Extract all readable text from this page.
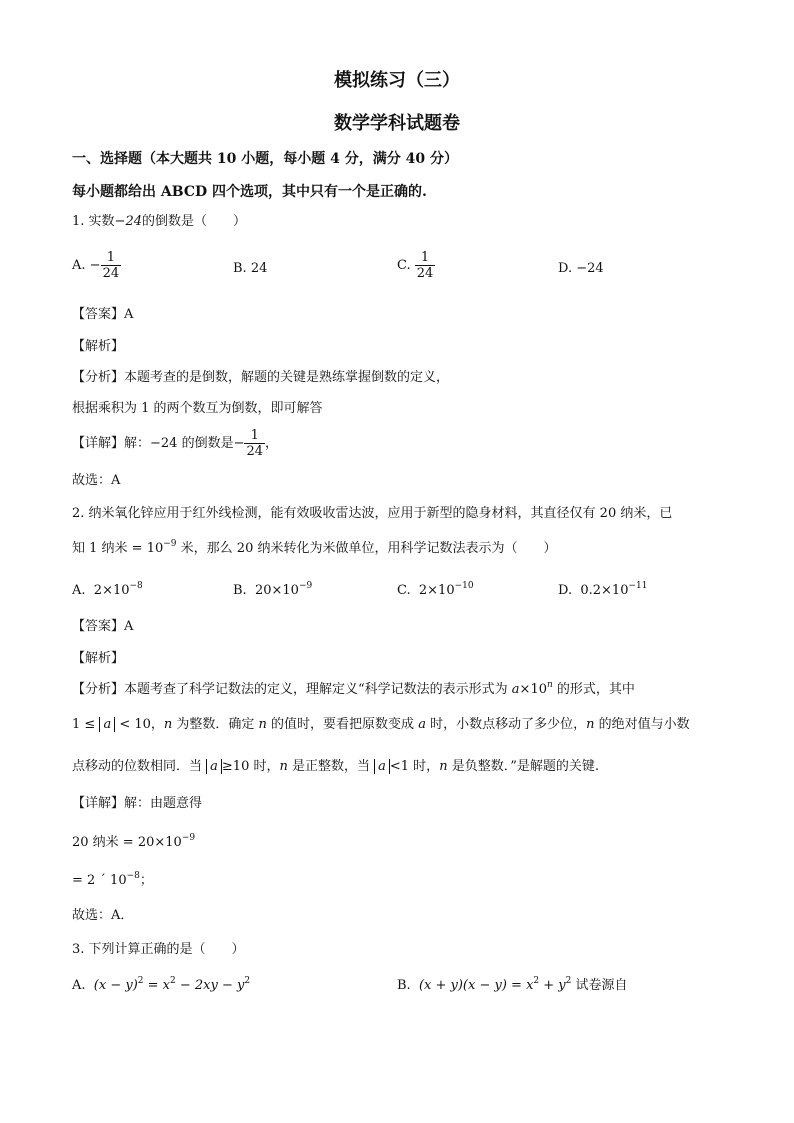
模拟练习（三）
数学学科试题卷
一、选择题（本大题共 10 小题，每小题 4 分，满分 40 分）
每小题都给出 ABCD 四个选项，其中只有一个是正确的.
1. 实数−24的倒数是（　　）
A. − $\frac{1}{24}$	B. 24	C. $\frac{1}{24}$	D. −24
【答案】A
【解析】
【分析】本题考查的是倒数，解题的关键是熟练掌握倒数的定义，
根据乘积为 1 的两个数互为倒数，即可解答
【详解】解：−24 的倒数是− $\frac{1}{24}$ ，
故选：A
2. 纳米氧化锌应用于红外线检测，能有效吸收雷达波，应用于新型的隐身材料，其直径仅有 20 纳米，已
知 1 纳米 = $10^{-9}$ 米，那么 20 纳米转化为米做单位，用科学记数法表示为（　　）
A. $2\times 10^{-8}$	B. $20\times 10^{-9}$	C. $2\times 10^{-10}$	D. $0.2\times 10^{-11}$
【答案】A
【解析】
【分析】本题考查了科学记数法的定义，理解定义“科学记数法的表示形式为 $a\times 10^n$ 的形式，其中
1 ≤ a < 10，n 为整数．确定 n 的值时，要看把原数变成 a 时，小数点移动了多少位，n 的绝对值与小数
点移动的位数相同．当 a ≥10 时，n 是正整数，当 a <1 时，n 是负整数．”是解题的关键.
【详解】解：由题意得
20 纳米 = $20\times 10^{-9}$
= 2 ´ $10^{-8}$；
故选：A．
3. 下列计算正确的是（　　）
A. $(x - y)^2 = x^2 - 2xy - y^2$	B. $(x + y)(x - y) = x^2 + y^2$ 试卷源自
